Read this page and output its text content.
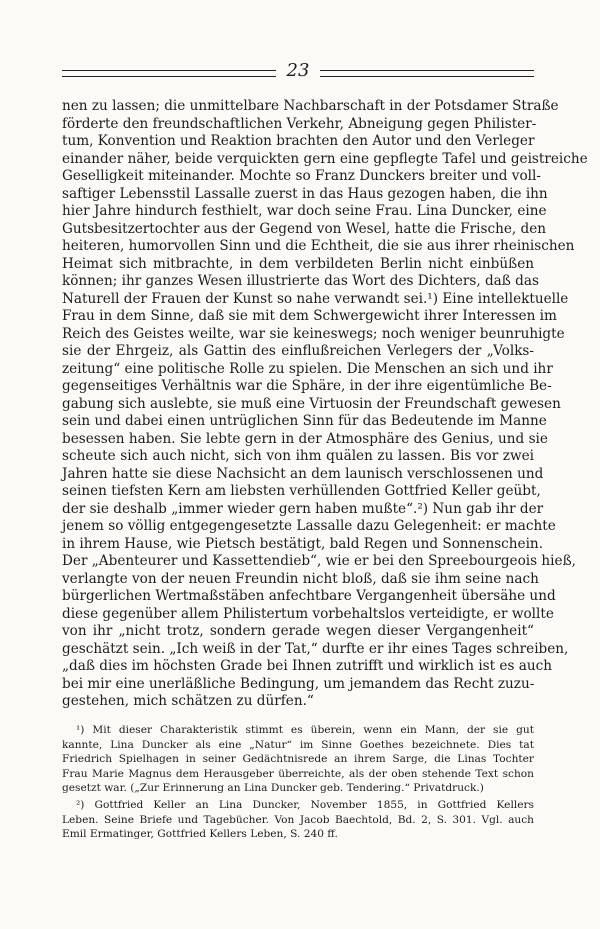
23
nen zu lassen; die unmittelbare Nachbarschaft in der Potsdamer Straße
förderte den freundschaftlichen Verkehr, Abneigung gegen Philister-
tum, Konvention und Reaktion brachten den Autor und den Verleger
einander näher, beide verquickten gern eine gepflegte Tafel und geistreiche
Geselligkeit miteinander. Mochte so Franz Dunckers breiter und voll-
saftiger Lebensstil Lassalle zuerst in das Haus gezogen haben, die ihn
hier Jahre hindurch festhielt, war doch seine Frau. Lina Duncker, eine
Gutsbesitzertochter aus der Gegend von Wesel, hatte die Frische, den
heiteren, humorvollen Sinn und die Echtheit, die sie aus ihrer rheinischen
Heimat sich mitbrachte, in dem verbildeten Berlin nicht einbüßen
können; ihr ganzes Wesen illustrierte das Wort des Dichters, daß das
Naturell der Frauen der Kunst so nahe verwandt sei.¹) Eine intellektuelle
Frau in dem Sinne, daß sie mit dem Schwergewicht ihrer Interessen im
Reich des Geistes weilte, war sie keineswegs; noch weniger beunruhigte
sie der Ehrgeiz, als Gattin des einflußreichen Verlegers der „Volks-
zeitung“ eine politische Rolle zu spielen. Die Menschen an sich und ihr
gegenseitiges Verhältnis war die Sphäre, in der ihre eigentümliche Be-
gabung sich auslebte, sie muß eine Virtuosin der Freundschaft gewesen
sein und dabei einen untrüglichen Sinn für das Bedeutende im Manne
besessen haben. Sie lebte gern in der Atmosphäre des Genius, und sie
scheute sich auch nicht, sich von ihm quälen zu lassen. Bis vor zwei
Jahren hatte sie diese Nachsicht an dem launisch verschlossenen und
seinen tiefsten Kern am liebsten verhüllenden Gottfried Keller geübt,
der sie deshalb „immer wieder gern haben mußte“.²) Nun gab ihr der
jenem so völlig entgegengesetzte Lassalle dazu Gelegenheit: er machte
in ihrem Hause, wie Pietsch bestätigt, bald Regen und Sonnenschein.
Der „Abenteurer und Kassettendieb“, wie er bei den Spreebourgeois hieß,
verlangte von der neuen Freundin nicht bloß, daß sie ihm seine nach
bürgerlichen Wertmaßstäben anfechtbare Vergangenheit übersähe und
diese gegenüber allem Philistertum vorbehaltslos verteidigte, er wollte
von ihr „nicht trotz, sondern gerade wegen dieser Vergangenheit“
geschätzt sein. „Ich weiß in der Tat,“ durfte er ihr eines Tages schreiben,
„daß dies im höchsten Grade bei Ihnen zutrifft und wirklich ist es auch
bei mir eine unerläßliche Bedingung, um jemandem das Recht zuzu-
gestehen, mich schätzen zu dürfen.“
¹) Mit dieser Charakteristik stimmt es überein, wenn ein Mann, der sie gut
kannte, Lina Duncker als eine „Natur“ im Sinne Goethes bezeichnete. Dies tat
Friedrich Spielhagen in seiner Gedächtnisrede an ihrem Sarge, die Linas Tochter
Frau Marie Magnus dem Herausgeber überreichte, als der oben stehende Text schon
gesetzt war. („Zur Erinnerung an Lina Duncker geb. Tendering.“ Privatdruck.)
²) Gottfried Keller an Lina Duncker, November 1855, in Gottfried Kellers
Leben. Seine Briefe und Tagebücher. Von Jacob Baechtold, Bd. 2, S. 301. Vgl. auch
Emil Ermatinger, Gottfried Kellers Leben, S. 240 ff.
